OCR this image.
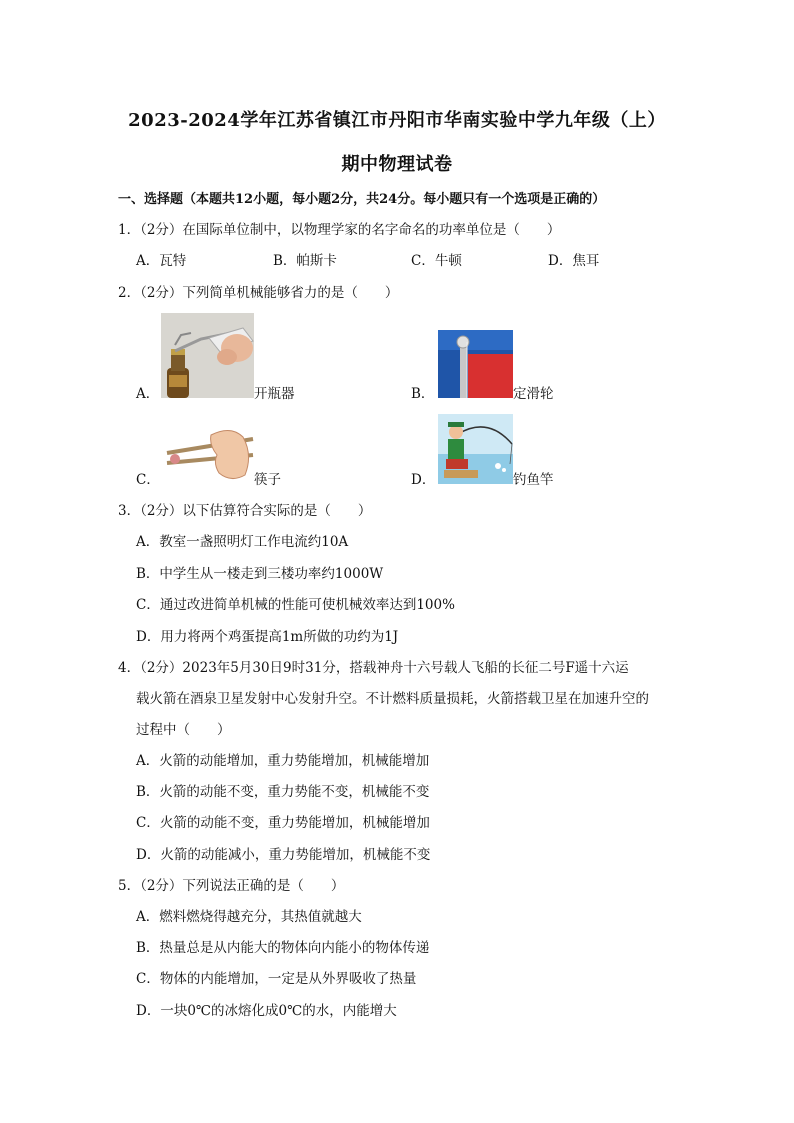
2023-2024学年江苏省镇江市丹阳市华南实验中学九年级（上）
期中物理试卷
一、选择题（本题共12小题，每小题2分，共24分。每小题只有一个选项是正确的）
1．（2分）在国际单位制中，以物理学家的名字命名的功率单位是（　　）
A．瓦特	B．帕斯卡	C．牛顿	D．焦耳
2．（2分）下列简单机械能够省力的是（　　）
A．	开瓶器	B．	定滑轮
C．	筷子	D．	钓鱼竿
3．（2分）以下估算符合实际的是（　　）
A．教室一盏照明灯工作电流约10A
B．中学生从一楼走到三楼功率约1000W
C．通过改进简单机械的性能可使机械效率达到100%
D．用力将两个鸡蛋提高1m所做的功约为1J
4．（2分）2023年5月30日9时31分，搭载神舟十六号载人飞船的长征二号F遥十六运
载火箭在酒泉卫星发射中心发射升空。不计燃料质量损耗，火箭搭载卫星在加速升空的
过程中（　　）
A．火箭的动能增加，重力势能增加，机械能增加
B．火箭的动能不变，重力势能不变，机械能不变
C．火箭的动能不变，重力势能增加，机械能增加
D．火箭的动能减小，重力势能增加，机械能不变
5．（2分）下列说法正确的是（　　）
A．燃料燃烧得越充分，其热值就越大
B．热量总是从内能大的物体向内能小的物体传递
C．物体的内能增加，一定是从外界吸收了热量
D．一块0℃的冰熔化成0℃的水，内能增大
